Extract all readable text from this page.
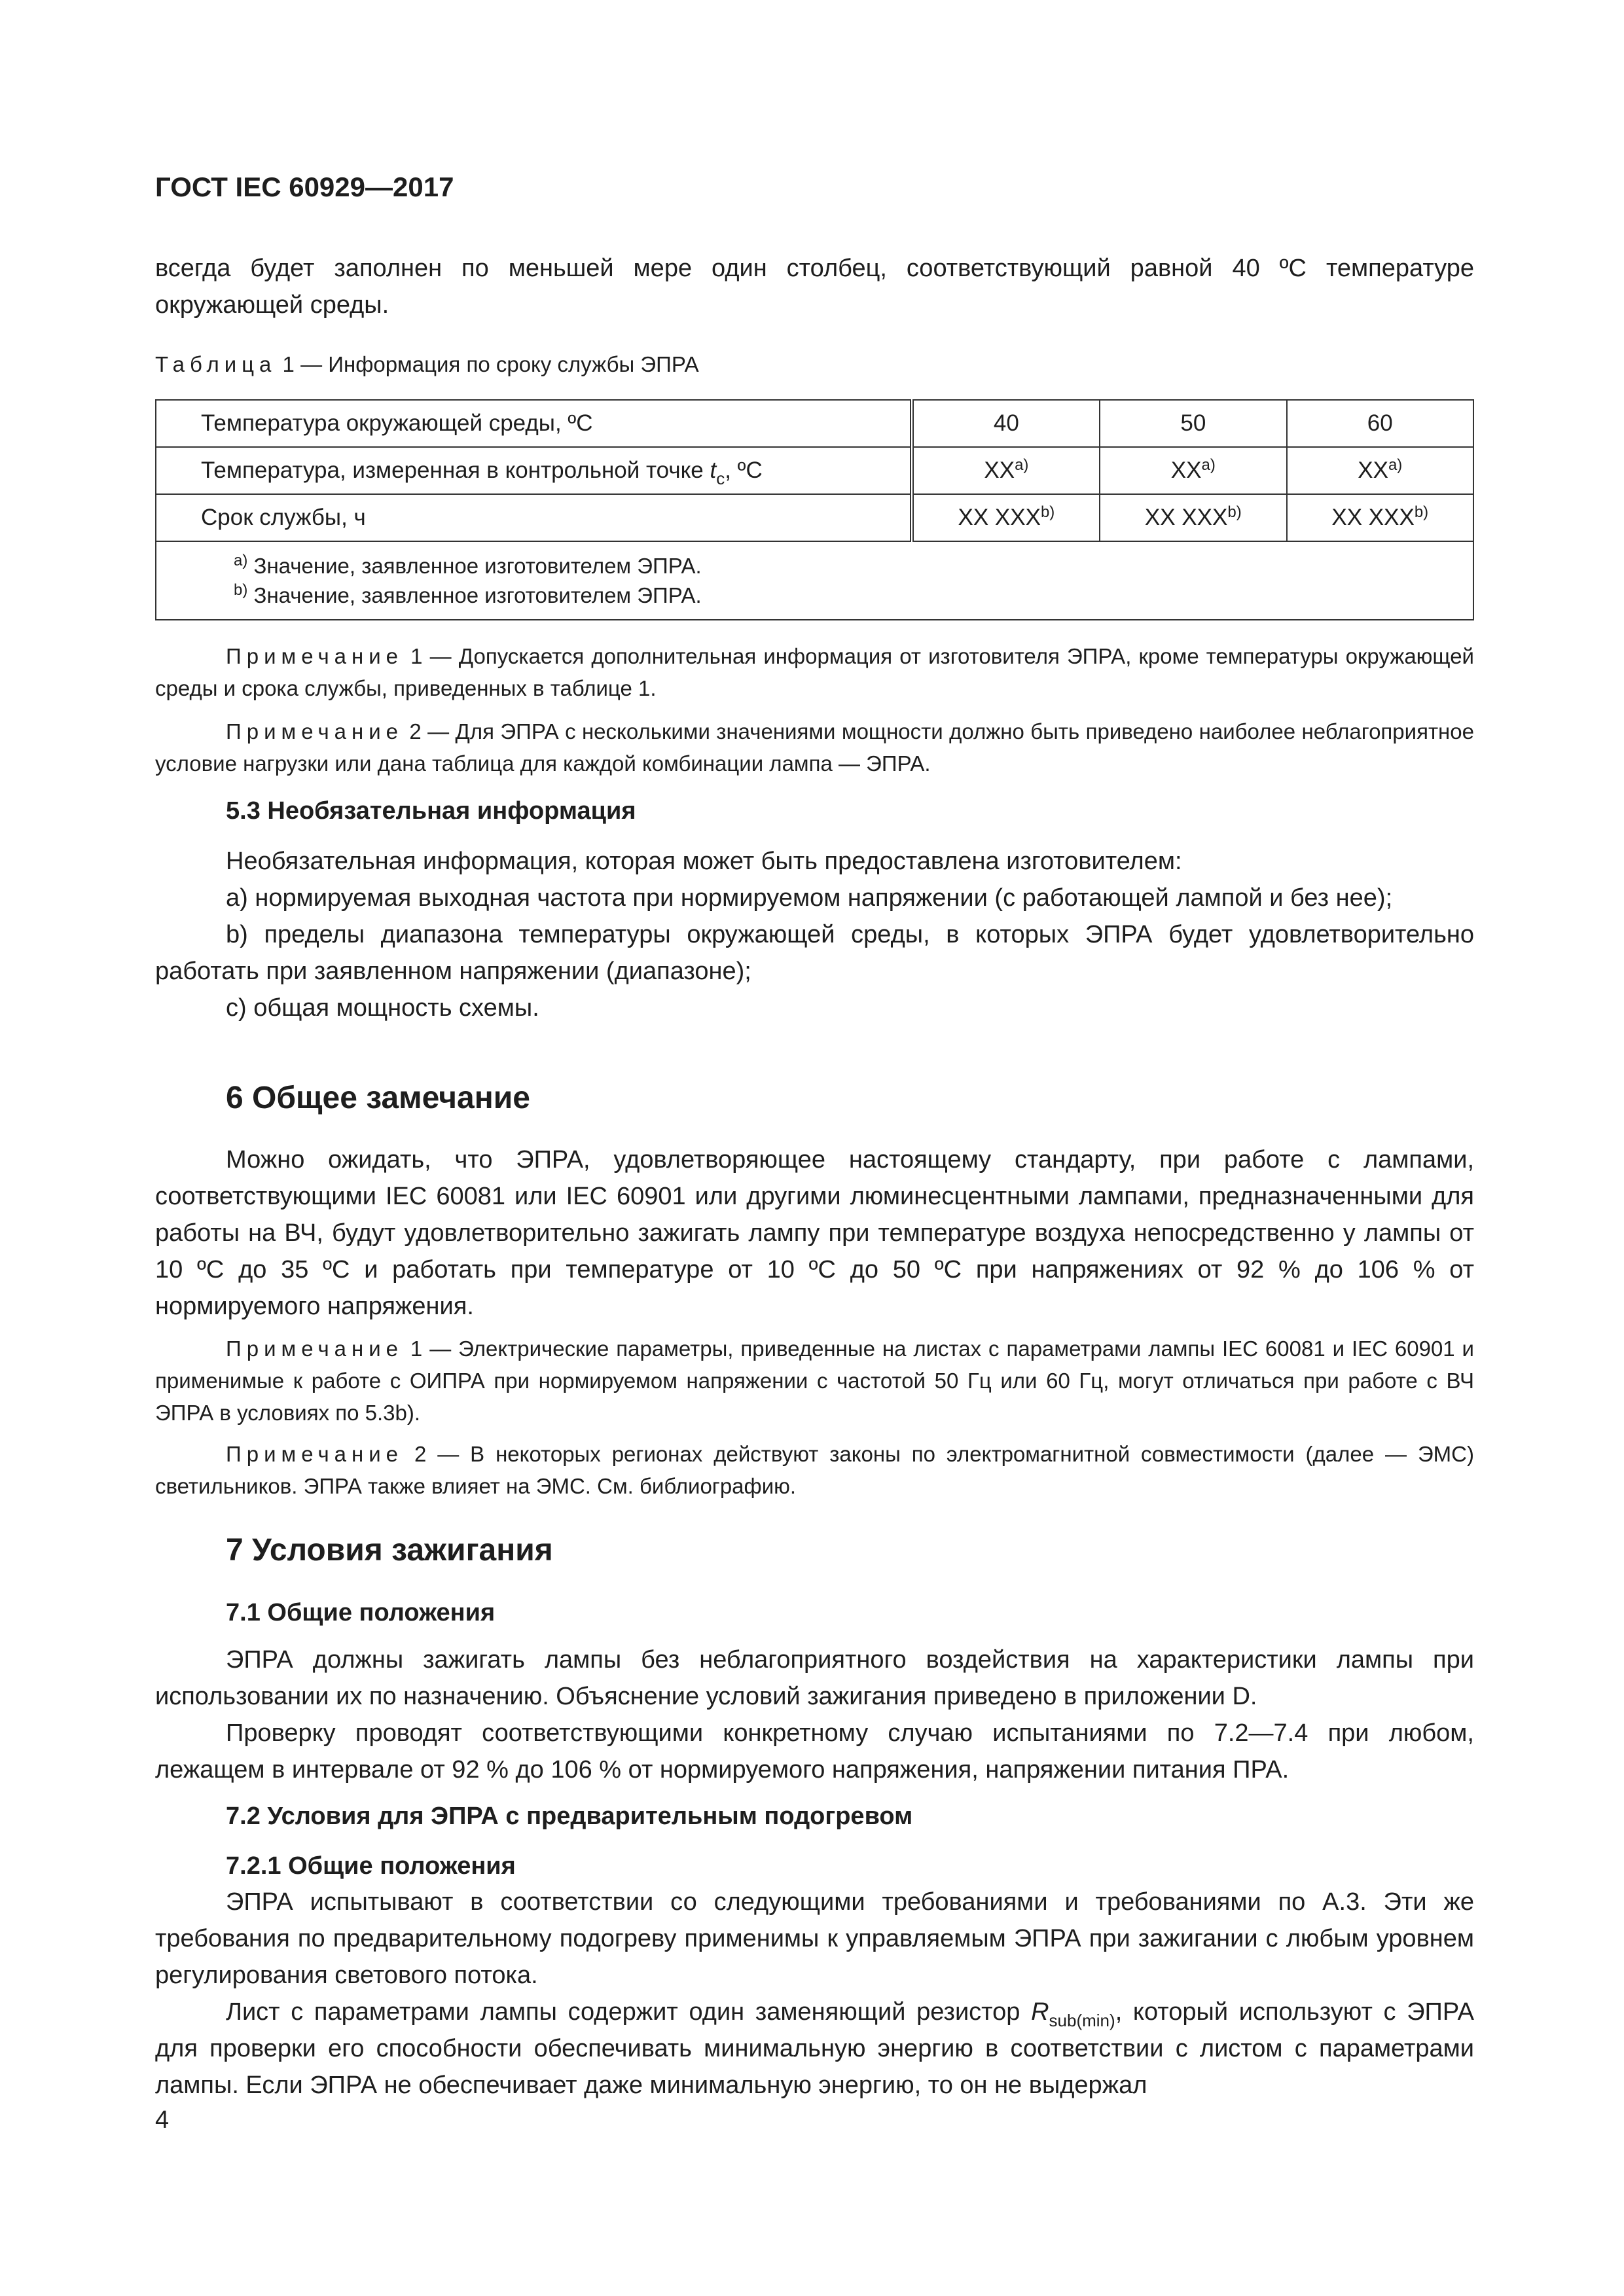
ГОСТ IEC 60929—2017

всегда будет заполнен по меньшей мере один столбец, соответствующий равной 40 ºС температуре окружающей среды.

Таблица 1 — Информация по сроку службы ЭПРА

Температура окружающей среды, ºС	40	50	60
Температура, измеренная в контрольной точке $t_c$, ºС	XX$^{a)}$	XX$^{a)}$	XX$^{a)}$
Срок службы, ч	XX XXX$^{b)}$	XX XXX$^{b)}$	XX XXX$^{b)}$

$^{a)}$ Значение, заявленное изготовителем ЭПРА.
$^{b)}$ Значение, заявленное изготовителем ЭПРА.			

Примечание 1 — Допускается дополнительная информация от изготовителя ЭПРА, кроме температуры окружающей среды и срока службы, приведенных в таблице 1.

Примечание 2 — Для ЭПРА с несколькими значениями мощности должно быть приведено наиболее неблагоприятное условие нагрузки или дана таблица для каждой комбинации лампа — ЭПРА.

5.3 Необязательная информация

Необязательная информация, которая может быть предоставлена изготовителем:

a) нормируемая выходная частота при нормируемом напряжении (с работающей лампой и без нее);

b) пределы диапазона температуры окружающей среды, в которых ЭПРА будет удовлетворительно работать при заявленном напряжении (диапазоне);

c) общая мощность схемы.

6 Общее замечание

Можно ожидать, что ЭПРА, удовлетворяющее настоящему стандарту, при работе с лампами, соответствующими IEC 60081 или IEC 60901 или другими люминесцентными лампами, предназначенными для работы на ВЧ, будут удовлетворительно зажигать лампу при температуре воздуха непосредственно у лампы от 10 ºС до 35 ºС и работать при температуре от 10 ºС до 50 ºС при напряжениях от 92 % до 106 % от нормируемого напряжения.

Примечание 1 — Электрические параметры, приведенные на листах с параметрами лампы IEC 60081 и IEC 60901 и применимые к работе с ОИПРА при нормируемом напряжении с частотой 50 Гц или 60 Гц, могут отличаться при работе с ВЧ ЭПРА в условиях по 5.3b).

Примечание 2 — В некоторых регионах действуют законы по электромагнитной совместимости (далее — ЭМС) светильников. ЭПРА также влияет на ЭМС. См. библиографию.

7 Условия зажигания
7.1 Общие положения

ЭПРА должны зажигать лампы без неблагоприятного воздействия на характеристики лампы при использовании их по назначению. Объяснение условий зажигания приведено в приложении D.

Проверку проводят соответствующими конкретному случаю испытаниями по 7.2—7.4 при любом, лежащем в интервале от 92 % до 106 % от нормируемого напряжения, напряжении питания ПРА.

7.2 Условия для ЭПРА с предварительным подогревом
7.2.1 Общие положения

ЭПРА испытывают в соответствии со следующими требованиями и требованиями по А.3. Эти же требования по предварительному подогреву применимы к управляемым ЭПРА при зажигании с любым уровнем регулирования светового потока.

Лист с параметрами лампы содержит один заменяющий резистор $R_{sub(min)}$, который используют с ЭПРА для проверки его способности обеспечивать минимальную энергию в соответствии с листом с параметрами лампы. Если ЭПРА не обеспечивает даже минимальную энергию, то он не выдержал

4
